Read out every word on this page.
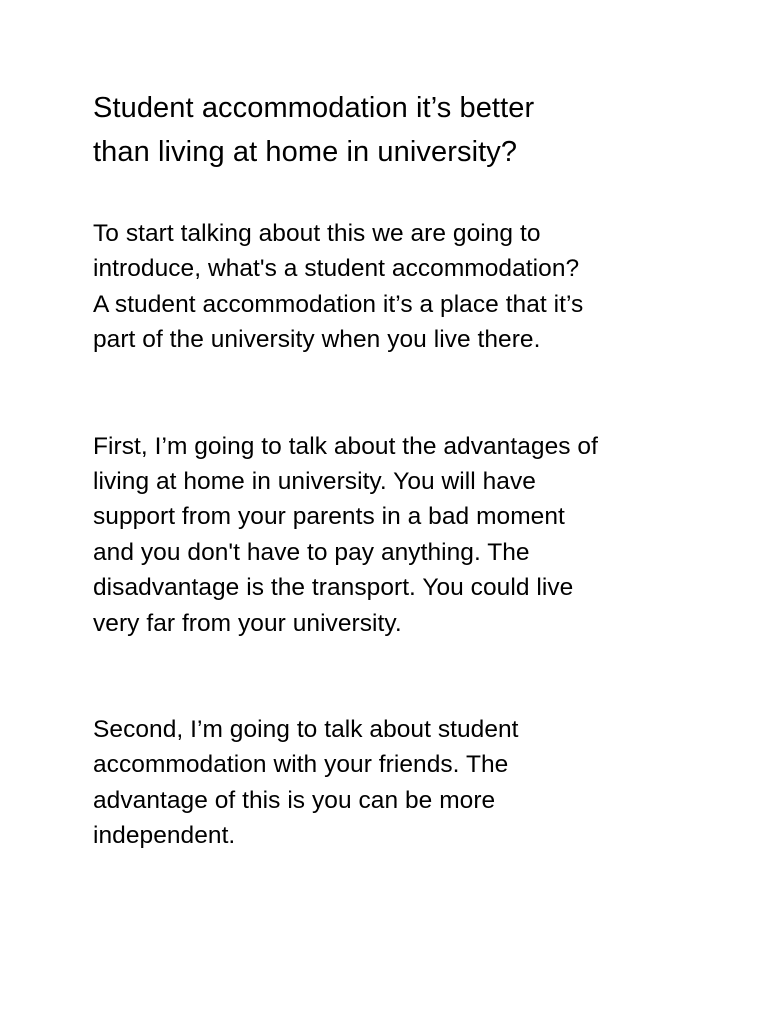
Student accommodation it’s better
than living at home in university?

To start talking about this we are going to
introduce, what's a student accommodation?
A student accommodation it’s a place that it’s
part of the university when you live there.

First, I’m going to talk about the advantages of
living at home in university. You will have
support from your parents in a bad moment
and you don't have to pay anything. The
disadvantage is the transport. You could live
very far from your university.

Second, I’m going to talk about student
accommodation with your friends. The
advantage of this is you can be more
independent.
